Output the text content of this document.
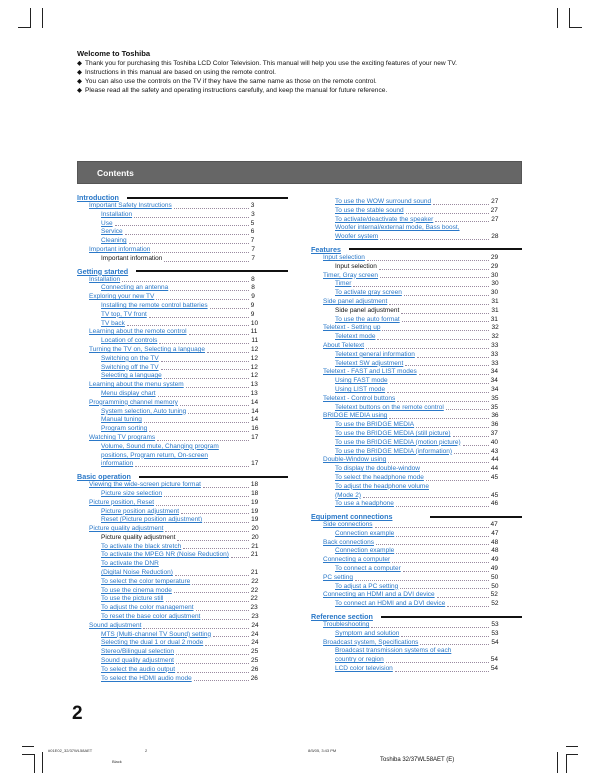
Welcome to Toshiba
◆ Thank you for purchasing this Toshiba LCD Color Television. This manual will help you use the exciting features of your new TV.
◆ Instructions in this manual are based on using the remote control.
◆ You can also use the controls on the TV if they have the same name as those on the remote control.
◆ Please read all the safety and operating instructions carefully, and keep the manual for future reference.
Contents
Introduction
Important Safety Instructions	3
Installation	3
Use	5
Service	6
Cleaning	7
Important information	7
Important information	7
Getting started
Installation	8
Connecting an antenna	8
Exploring your new TV	9
Installing the remote control batteries	9
TV top, TV front	9
TV back	10
Learning about the remote control	11
Location of controls	11
Turning the TV on, Selecting a language	12
Switching on the TV	12
Switching off the TV	12
Selecting a language	12
Learning about the menu system	13
Menu display chart	13
Programming channel memory	14
System selection, Auto tuning	14
Manual tuning	14
Program sorting	16
Watching TV programs	17
Volume, Sound mute, Changing program
positions, Program return, On-screen
information	17
Basic operation
Viewing the wide-screen picture format	18
Picture size selection	18
Picture position, Reset	19
Picture position adjustment	19
Reset (Picture position adjustment)	19
Picture quality adjustment	20
Picture quality adjustment	20
To activate the black stretch	21
To activate the MPEG NR (Noise Reduction)	21
To activate the DNR
(Digital Noise Reduction)	21
To select the color temperature	22
To use the cinema mode	22
To use the picture still	22
To adjust the color management	23
To reset the base color adjustment	23
Sound adjustment	24
MTS (Multi-channel TV Sound) setting	24
Selecting the dual 1 or dual 2 mode	24
Stereo/Bilingual selection	25
Sound quality adjustment	25
To select the audio output	26
To select the HDMI audio mode	26
To use the WOW surround sound	27
To use the stable sound	27
To activate/deactivate the speaker	27
Woofer internal/external mode, Bass boost,
Woofer system	28
Features
Input selection	29
Input selection	29
Timer, Gray screen	30
Timer	30
To activate gray screen	30
Side panel adjustment	31
Side panel adjustment	31
To use the auto format	31
Teletext - Setting up	32
Teletext mode	32
About Teletext	33
Teletext general information	33
Teletext SW adjustment	33
Teletext - FAST and LIST modes	34
Using FAST mode	34
Using LIST mode	34
Teletext - Control buttons	35
Teletext buttons on the remote control	35
BRIDGE MEDIA using	36
To use the BRIDGE MEDIA	36
To use the BRIDGE MEDIA (still picture)	37
To use the BRIDGE MEDIA (motion picture)	40
To use the BRIDGE MEDIA (information)	43
Double-Window using	44
To display the double-window	44
To select the headphone mode	45
To adjust the headphone volume
(Mode 2)	45
To use a headphone	46
Equipment connections
Side connections	47
Connection example	47
Back connections	48
Connection example	48
Connecting a computer	49
To connect a computer	49
PC setting	50
To adjust a PC setting	50
Connecting an HDMI and a DVI device	52
To connect an HDMI and a DVI device	52
Reference section
Troubleshooting	53
Symptom and solution	53
Broadcast system, Specifications	54
Broadcast transmission systems of each
country or region	54
LCD color television	54
2
#01E02_32/37WL58AET	2
Black
8/5/05, 3:43 PM
Toshiba 32/37WL58AET (E)
